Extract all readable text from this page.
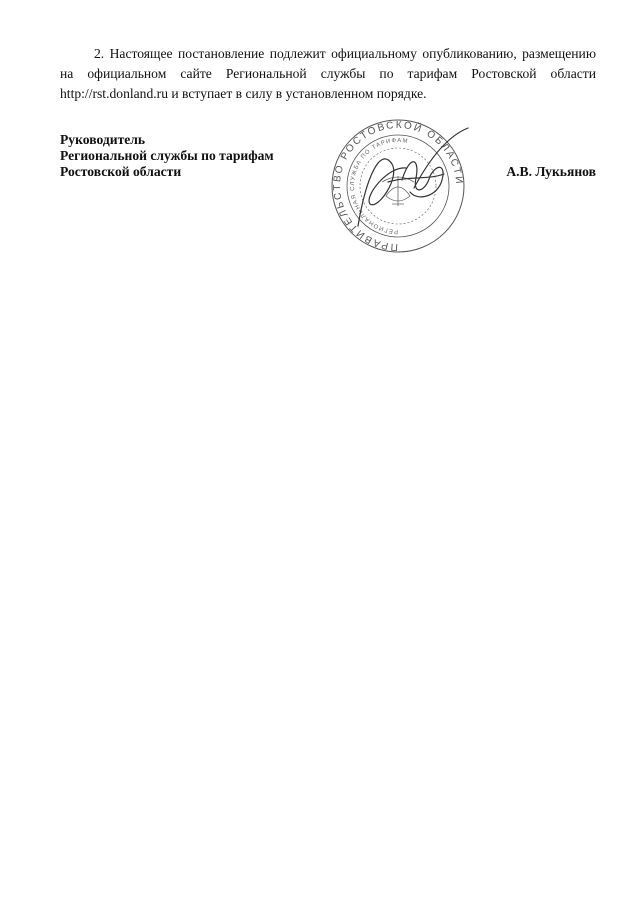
2. Настоящее постановление подлежит официальному опубликованию, размещению на официальном сайте Региональной службы по тарифам Ростовской области http://rst.donland.ru и вступает в силу в установленном порядке.

Руководитель
Региональной службы по тарифам
Ростовской области
ПРАВИТЕЛЬСТВО РОСТОВСКОЙ ОБЛАСТИ
РЕГИОНАЛЬНАЯ СЛУЖБА ПО ТАРИФАМ
А.В. Лукьянов
